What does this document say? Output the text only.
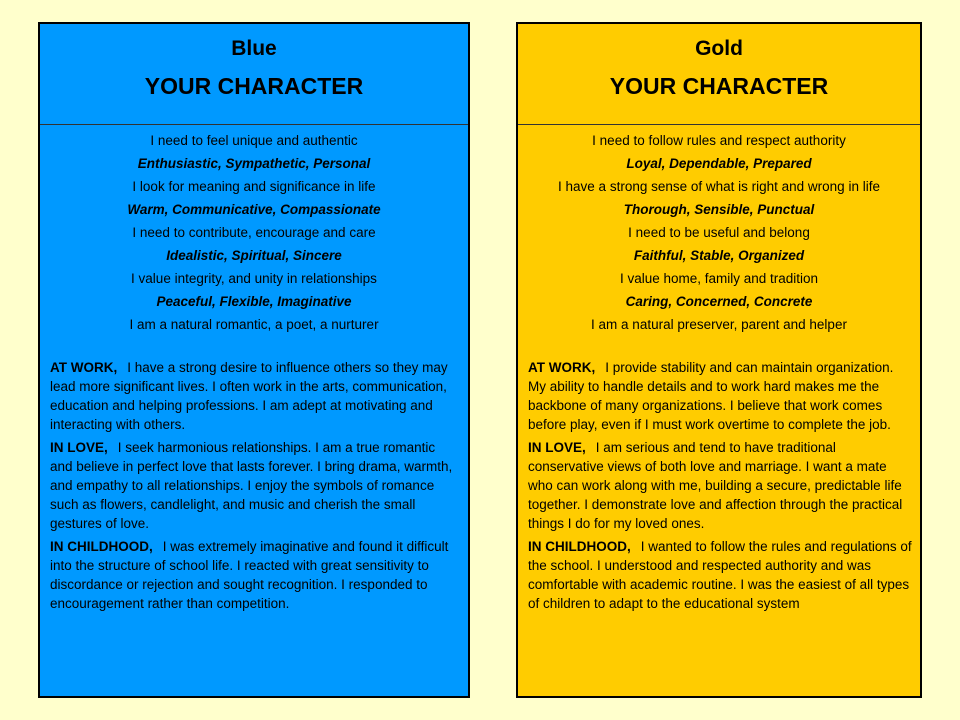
Blue
YOUR CHARACTER

I need to feel unique and authentic

Enthusiastic, Sympathetic, Personal

I look for meaning and significance in life

Warm, Communicative, Compassionate

I need to contribute, encourage and care

Idealistic, Spiritual, Sincere

I value integrity, and unity in relationships

Peaceful, Flexible, Imaginative

I am a natural romantic, a poet, a nurturer

AT WORK, I have a strong desire to influence others so they may lead more significant lives. I often work in the arts, communication, education and helping professions. I am adept at motivating and interacting with others.

IN LOVE, I seek harmonious relationships. I am a true romantic and believe in perfect love that lasts forever. I bring drama, warmth, and empathy to all relationships. I enjoy the symbols of romance such as flowers, candlelight, and music and cherish the small gestures of love.

IN CHILDHOOD, I was extremely imaginative and found it difficult into the structure of school life. I reacted with great sensitivity to discordance or rejection and sought recognition. I responded to encouragement rather than competition.

Gold
YOUR CHARACTER

I need to follow rules and respect authority

Loyal, Dependable, Prepared

I have a strong sense of what is right and wrong in life

Thorough, Sensible, Punctual

I need to be useful and belong

Faithful, Stable, Organized

I value home, family and tradition

Caring, Concerned, Concrete

I am a natural preserver, parent and helper

AT WORK, I provide stability and can maintain organization. My ability to handle details and to work hard makes me the backbone of many organizations. I believe that work comes before play, even if I must work overtime to complete the job.

IN LOVE, I am serious and tend to have traditional conservative views of both love and marriage. I want a mate who can work along with me, building a secure, predictable life together. I demonstrate love and affection through the practical things I do for my loved ones.

IN CHILDHOOD, I wanted to follow the rules and regulations of the school. I understood and respected authority and was comfortable with academic routine. I was the easiest of all types of children to adapt to the educational system
